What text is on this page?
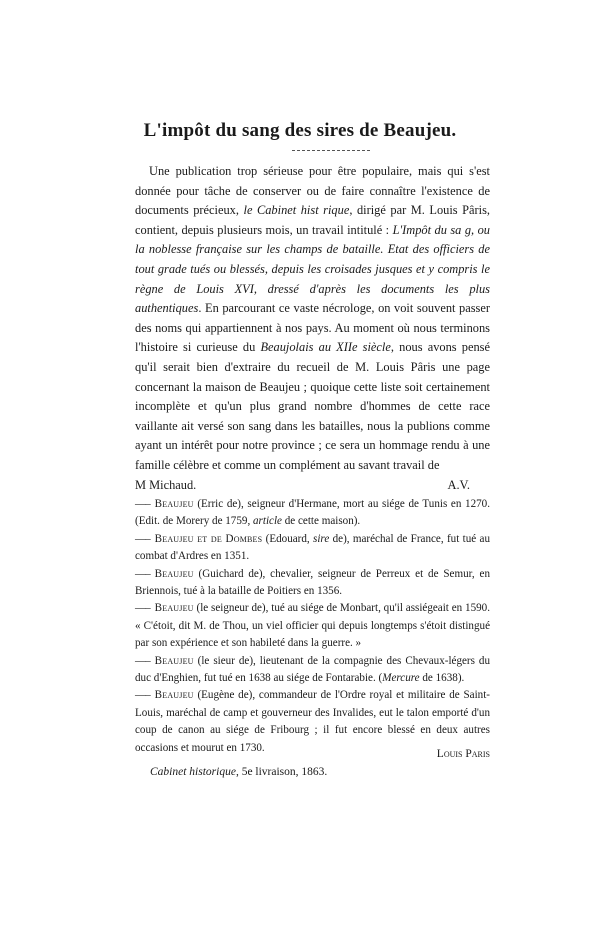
L'impôt du sang des sires de Beaujeu.

Une publication trop sérieuse pour être populaire, mais qui s'est donnée pour tâche de conserver ou de faire connaître l'existence de documents précieux, le Cabinet hist rique, dirigé par M. Louis Pâris, contient, depuis plusieurs mois, un travail intitulé : L'Impôt du sa g, ou la noblesse française sur les champs de bataille. Etat des officiers de tout grade tués ou blessés, depuis les croisades jusques et y compris le règne de Louis XVI, dressé d'après les documents les plus authentiques. En parcourant ce vaste nécrologe, on voit souvent passer des noms qui appartiennent à nos pays. Au moment où nous terminons l'histoire si curieuse du Beaujolais au XIIe siècle, nous avons pensé qu'il serait bien d'extraire du recueil de M. Louis Pâris une page concernant la maison de Beaujeu ; quoique cette liste soit certainement incomplète et qu'un plus grand nombre d'hommes de cette race vaillante ait versé son sang dans les batailles, nous la publions comme ayant un intérêt pour notre province ; ce sera un hommage rendu à une famille célèbre et comme un complément au savant travail de

M Michaud.	A.V.

—– Beaujeu (Erric de), seigneur d'Hermane, mort au siége de Tunis en 1270. (Edit. de Morery de 1759, article de cette maison).

—– Beaujeu et de Dombes (Edouard, sire de), maréchal de France, fut tué au combat d'Ardres en 1351.

—– Beaujeu (Guichard de), chevalier, seigneur de Perreux et de Semur, en Briennois, tué à la bataille de Poitiers en 1356.

—– Beaujeu (le seigneur de), tué au siége de Monbart, qu'il assiégeait en 1590. « C'étoit, dit M. de Thou, un viel officier qui depuis longtemps s'étoit distingué par son expérience et son habileté dans la guerre. »

—– Beaujeu (le sieur de), lieutenant de la compagnie des Chevaux-légers du duc d'Enghien, fut tué en 1638 au siége de Fontarabie. (Mercure de 1638).

—– Beaujeu (Eugène de), commandeur de l'Ordre royal et militaire de Saint-Louis, maréchal de camp et gouverneur des Invalides, eut le talon emporté d'un coup de canon au siége de Fribourg ; il fut encore blessé en deux autres occasions et mourut en 1730.

Louis Paris
Cabinet historique, 5e livraison, 1863.
